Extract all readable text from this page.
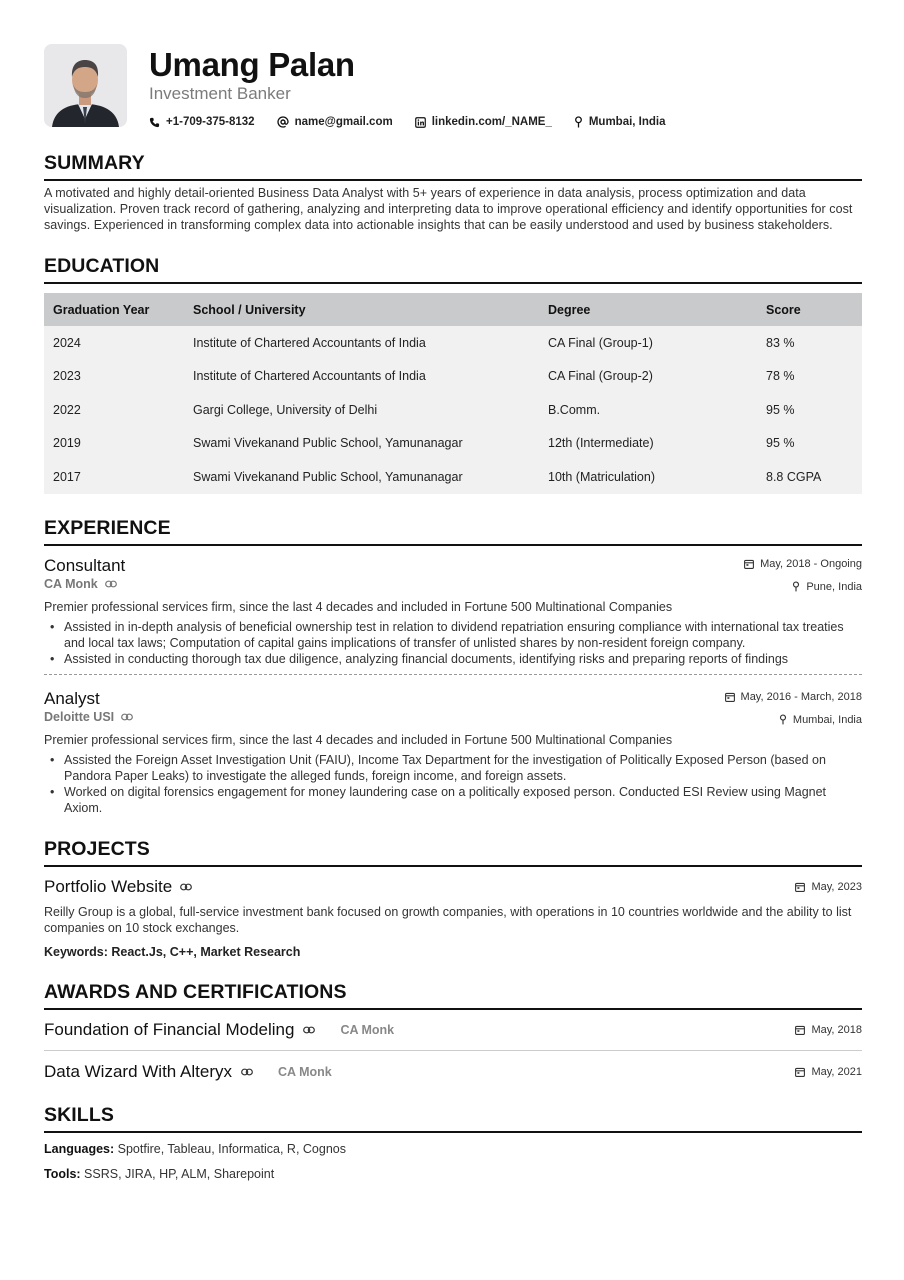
Umang Palan
Investment Banker
+1-709-375-8132	name@gmail.com	linkedin.com/_NAME_	Mumbai, India
SUMMARY
A motivated and highly detail-oriented Business Data Analyst with 5+ years of experience in data analysis, process optimization and data visualization. Proven track record of gathering, analyzing and interpreting data to improve operational efficiency and identify opportunities for cost savings. Experienced in transforming complex data into actionable insights that can be easily understood and used by business stakeholders.
EDUCATION
Graduation Year	School / University	Degree	Score
2024	Institute of Chartered Accountants of India	CA Final (Group-1)	83 %
2023	Institute of Chartered Accountants of India	CA Final (Group-2)	78 %
2022	Gargi College, University of Delhi	B.Comm.	95 %
2019	Swami Vivekanand Public School, Yamunanagar	12th (Intermediate)	95 %
2017	Swami Vivekanand Public School, Yamunanagar	10th (Matriculation)	8.8 CGPA
EXPERIENCE
Consultant
CA Monk
May, 2018 - Ongoing
Pune, India
Premier professional services firm, since the last 4 decades and included in Fortune 500 Multinational Companies
• Assisted in in-depth analysis of beneficial ownership test in relation to dividend repatriation ensuring compliance with international tax treaties and local tax laws; Computation of capital gains implications of transfer of unlisted shares by non-resident foreign company.
• Assisted in conducting thorough tax due diligence, analyzing financial documents, identifying risks and preparing reports of findings
Analyst
Deloitte USI
May, 2016 - March, 2018
Mumbai, India
Premier professional services firm, since the last 4 decades and included in Fortune 500 Multinational Companies
• Assisted the Foreign Asset Investigation Unit (FAIU), Income Tax Department for the investigation of Politically Exposed Person (based on Pandora Paper Leaks) to investigate the alleged funds, foreign income, and foreign assets.
• Worked on digital forensics engagement for money laundering case on a politically exposed person. Conducted ESI Review using Magnet Axiom.
PROJECTS
Portfolio Website	May, 2023
Reilly Group is a global, full-service investment bank focused on growth companies, with operations in 10 countries worldwide and the ability to list companies on 10 stock exchanges.
Keywords: React.Js, C++, Market Research
AWARDS AND CERTIFICATIONS
Foundation of Financial Modeling	CA Monk	May, 2018
Data Wizard With Alteryx	CA Monk	May, 2021
SKILLS
Languages: Spotfire, Tableau, Informatica, R, Cognos
Tools: SSRS, JIRA, HP, ALM, Sharepoint
